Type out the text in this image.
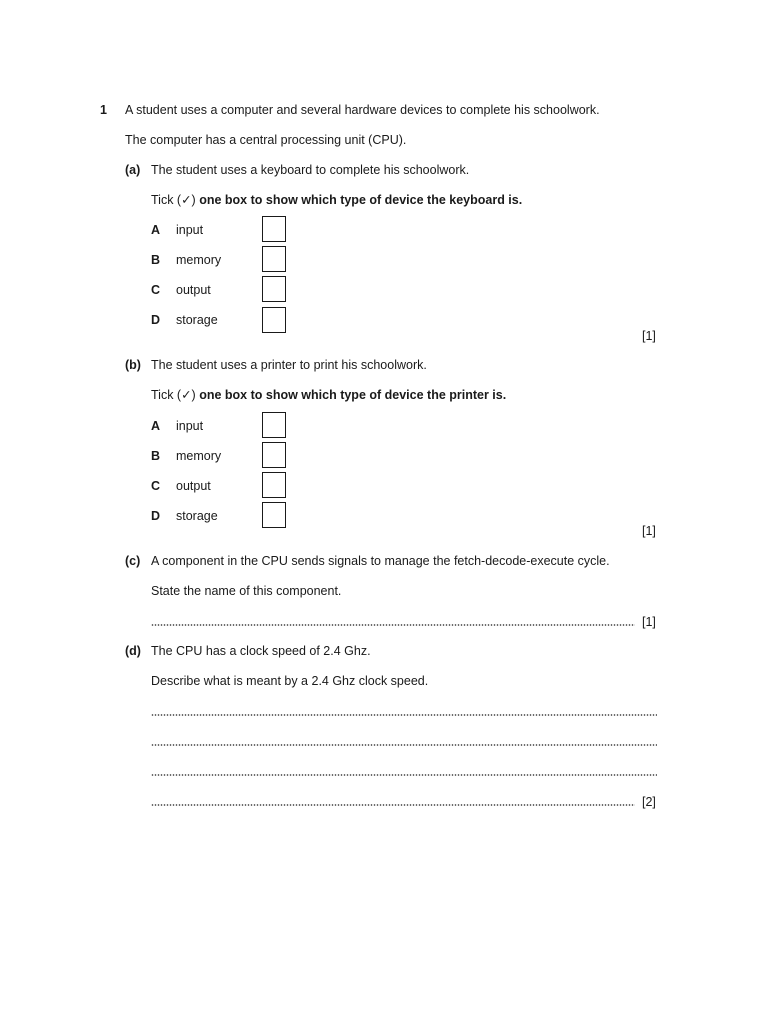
1 A student uses a computer and several hardware devices to complete his schoolwork.
The computer has a central processing unit (CPU).
(a) The student uses a keyboard to complete his schoolwork.
Tick (✓) one box to show which type of device the keyboard is.
A input
B memory
C output
D storage
[1]
(b) The student uses a printer to print his schoolwork.
Tick (✓) one box to show which type of device the printer is.
A input
B memory
C output
D storage
[1]
(c) A component in the CPU sends signals to manage the fetch-decode-execute cycle.
State the name of this component.
[1]
(d) The CPU has a clock speed of 2.4 Ghz.
Describe what is meant by a 2.4 Ghz clock speed.
[2]
